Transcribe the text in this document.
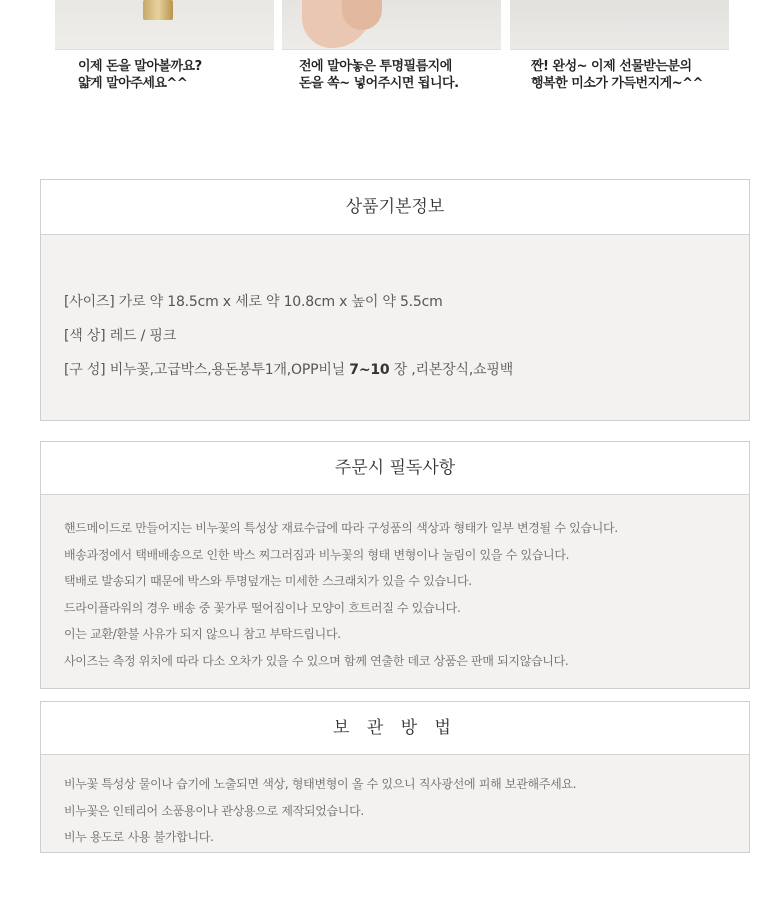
이제 돈을 말아볼까요?
얇게 말아주세요^^
전에 말아놓은 투명필름지에
돈을 쏙~ 넣어주시면 됩니다.
짠! 완성~ 이제 선물받는분의
행복한 미소가 가득번지게~^^
상품기본정보
[사이즈] 가로 약 18.5cm x 세로 약 10.8cm x 높이 약 5.5cm
[색 상] 레드 / 핑크
[구 성] 비누꽃,고급박스,용돈봉투1개,OPP비닐 7~10 장 ,리본장식,쇼핑백
주문시 필독사항
핸드메이드로 만들어지는 비누꽃의 특성상 재료수급에 따라 구성품의 색상과 형태가 일부 변경될 수 있습니다.
배송과정에서 택배배송으로 인한 박스 찌그러짐과 비누꽃의 형태 변형이나 눌림이 있을 수 있습니다.
택배로 발송되기 때문에 박스와 투명덮개는 미세한 스크래치가 있을 수 있습니다.
드라이플라워의 경우 배송 중 꽃가루 떨어짐이나 모양이 흐트러질 수 있습니다.
이는 교환/환불 사유가 되지 않으니 참고 부탁드립니다.
사이즈는 측정 위치에 따라 다소 오차가 있을 수 있으며 함께 연출한 데코 상품은 판매 되지않습니다.
보 관 방 법
비누꽃 특성상 물이나 습기에 노출되면 색상, 형태변형이 올 수 있으니 직사광선에 피해 보관해주세요.
비누꽃은 인테리어 소품용이나 관상용으로 제작되었습니다.
비누 용도로 사용 불가합니다.
